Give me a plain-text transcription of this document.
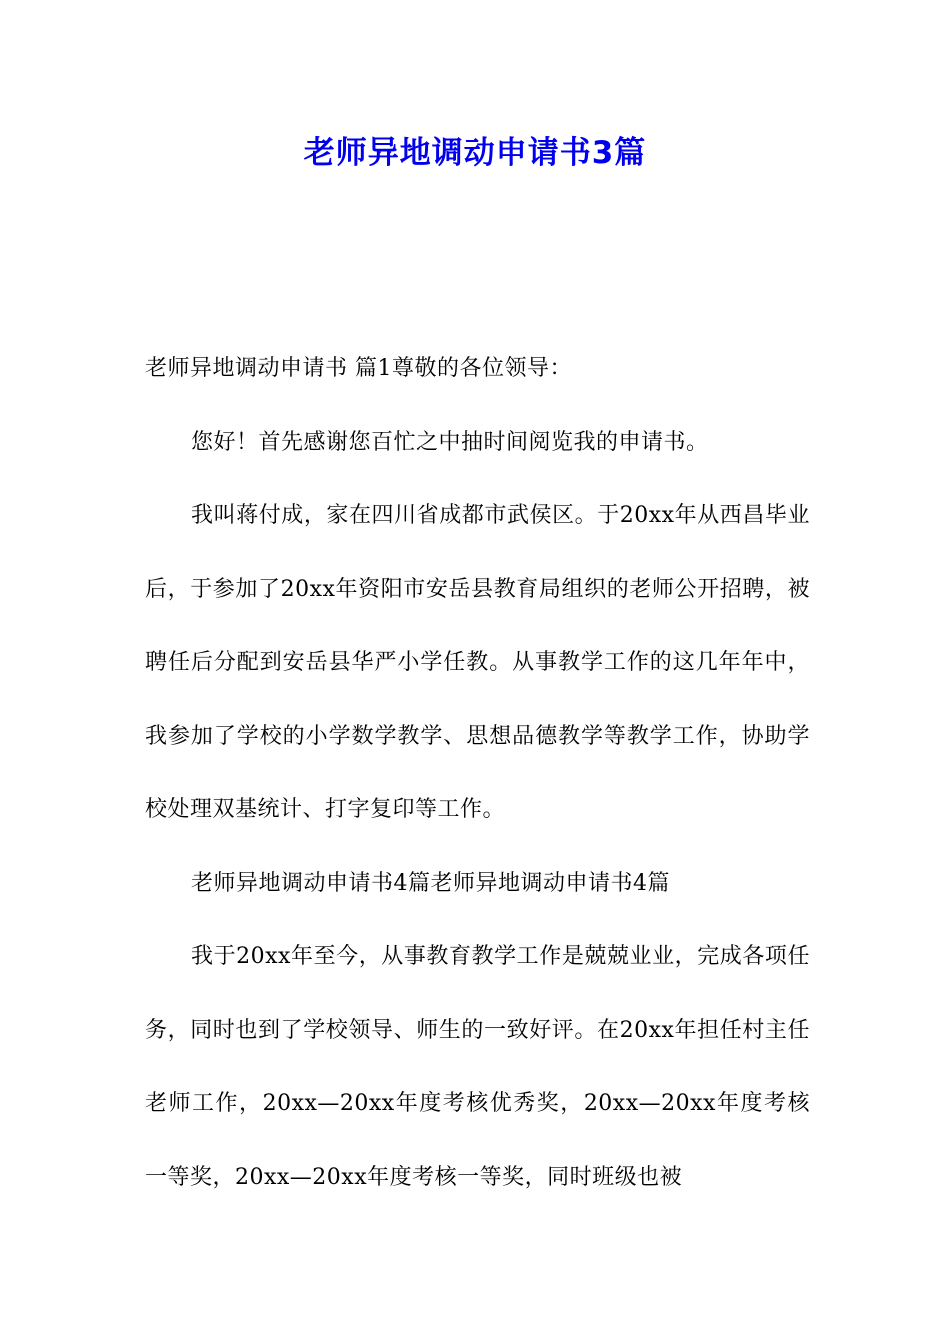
老师异地调动申请书3篇

老师异地调动申请书 篇1尊敬的各位领导：

您好！首先感谢您百忙之中抽时间阅览我的申请书。

我叫蒋付成，家在四川省成都市武侯区。于20xx年从西昌毕业后，于参加了20xx年资阳市安岳县教育局组织的老师公开招聘，被聘任后分配到安岳县华严小学任教。从事教学工作的这几年年中，我参加了学校的小学数学教学、思想品德教学等教学工作，协助学校处理双基统计、打字复印等工作。

老师异地调动申请书4篇老师异地调动申请书4篇

我于20xx年至今，从事教育教学工作是兢兢业业，完成各项任务，同时也到了学校领导、师生的一致好评。在20xx年担任村主任老师工作，20xx—20xx年度考核优秀奖，20xx—20xx年度考核一等奖，20xx—20xx年度考核一等奖，同时班级也被
